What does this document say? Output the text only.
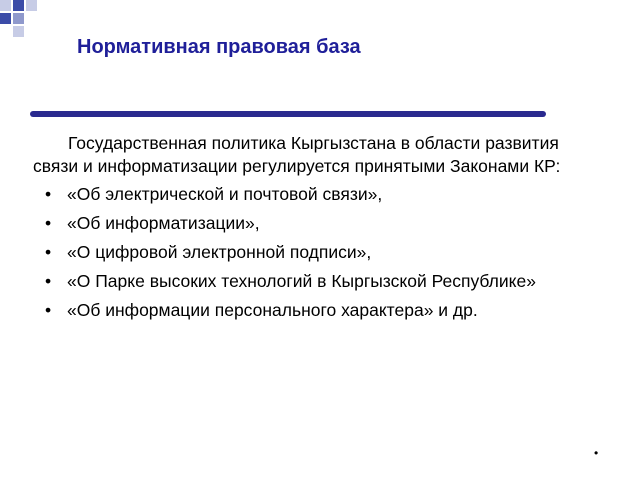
Нормативная правовая база

Государственная политика Кыргызстана в области развития связи и информатизации регулируется принятыми Законами КР:

• «Об электрической и почтовой связи»,
• «Об информатизации»,
• «О цифровой электронной подписи»,
• «О Парке высоких технологий в Кыргызской Республике»
• «Об информации персонального характера» и др.
•
